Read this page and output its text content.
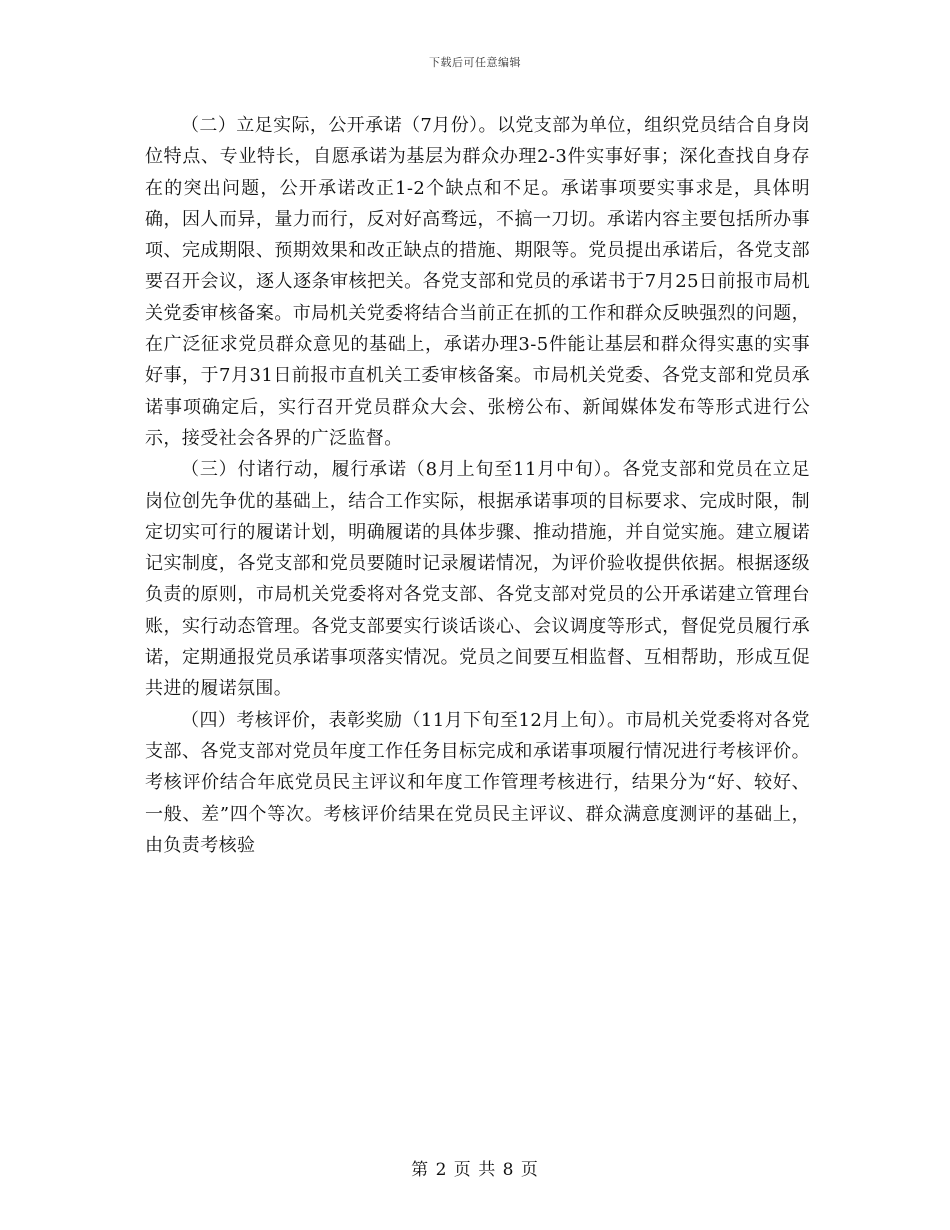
下载后可任意编辑

（二）立足实际，公开承诺（7月份）。以党支部为单位，组织党员结合自身岗位特点、专业特长，自愿承诺为基层为群众办理2-3件实事好事；深化查找自身存在的突出问题，公开承诺改正1-2个缺点和不足。承诺事项要实事求是，具体明确，因人而异，量力而行，反对好高骛远，不搞一刀切。承诺内容主要包括所办事项、完成期限、预期效果和改正缺点的措施、期限等。党员提出承诺后，各党支部要召开会议，逐人逐条审核把关。各党支部和党员的承诺书于7月25日前报市局机关党委审核备案。市局机关党委将结合当前正在抓的工作和群众反映强烈的问题，在广泛征求党员群众意见的基础上，承诺办理3-5件能让基层和群众得实惠的实事好事，于7月31日前报市直机关工委审核备案。市局机关党委、各党支部和党员承诺事项确定后，实行召开党员群众大会、张榜公布、新闻媒体发布等形式进行公示，接受社会各界的广泛监督。

（三）付诸行动，履行承诺（8月上旬至11月中旬）。各党支部和党员在立足岗位创先争优的基础上，结合工作实际，根据承诺事项的目标要求、完成时限，制定切实可行的履诺计划，明确履诺的具体步骤、推动措施，并自觉实施。建立履诺记实制度，各党支部和党员要随时记录履诺情况，为评价验收提供依据。根据逐级负责的原则，市局机关党委将对各党支部、各党支部对党员的公开承诺建立管理台账，实行动态管理。各党支部要实行谈话谈心、会议调度等形式，督促党员履行承诺，定期通报党员承诺事项落实情况。党员之间要互相监督、互相帮助，形成互促共进的履诺氛围。

（四）考核评价，表彰奖励（11月下旬至12月上旬）。市局机关党委将对各党支部、各党支部对党员年度工作任务目标完成和承诺事项履行情况进行考核评价。考核评价结合年底党员民主评议和年度工作管理考核进行，结果分为“好、较好、一般、差”四个等次。考核评价结果在党员民主评议、群众满意度测评的基础上，由负责考核验

第 2 页 共 8 页
